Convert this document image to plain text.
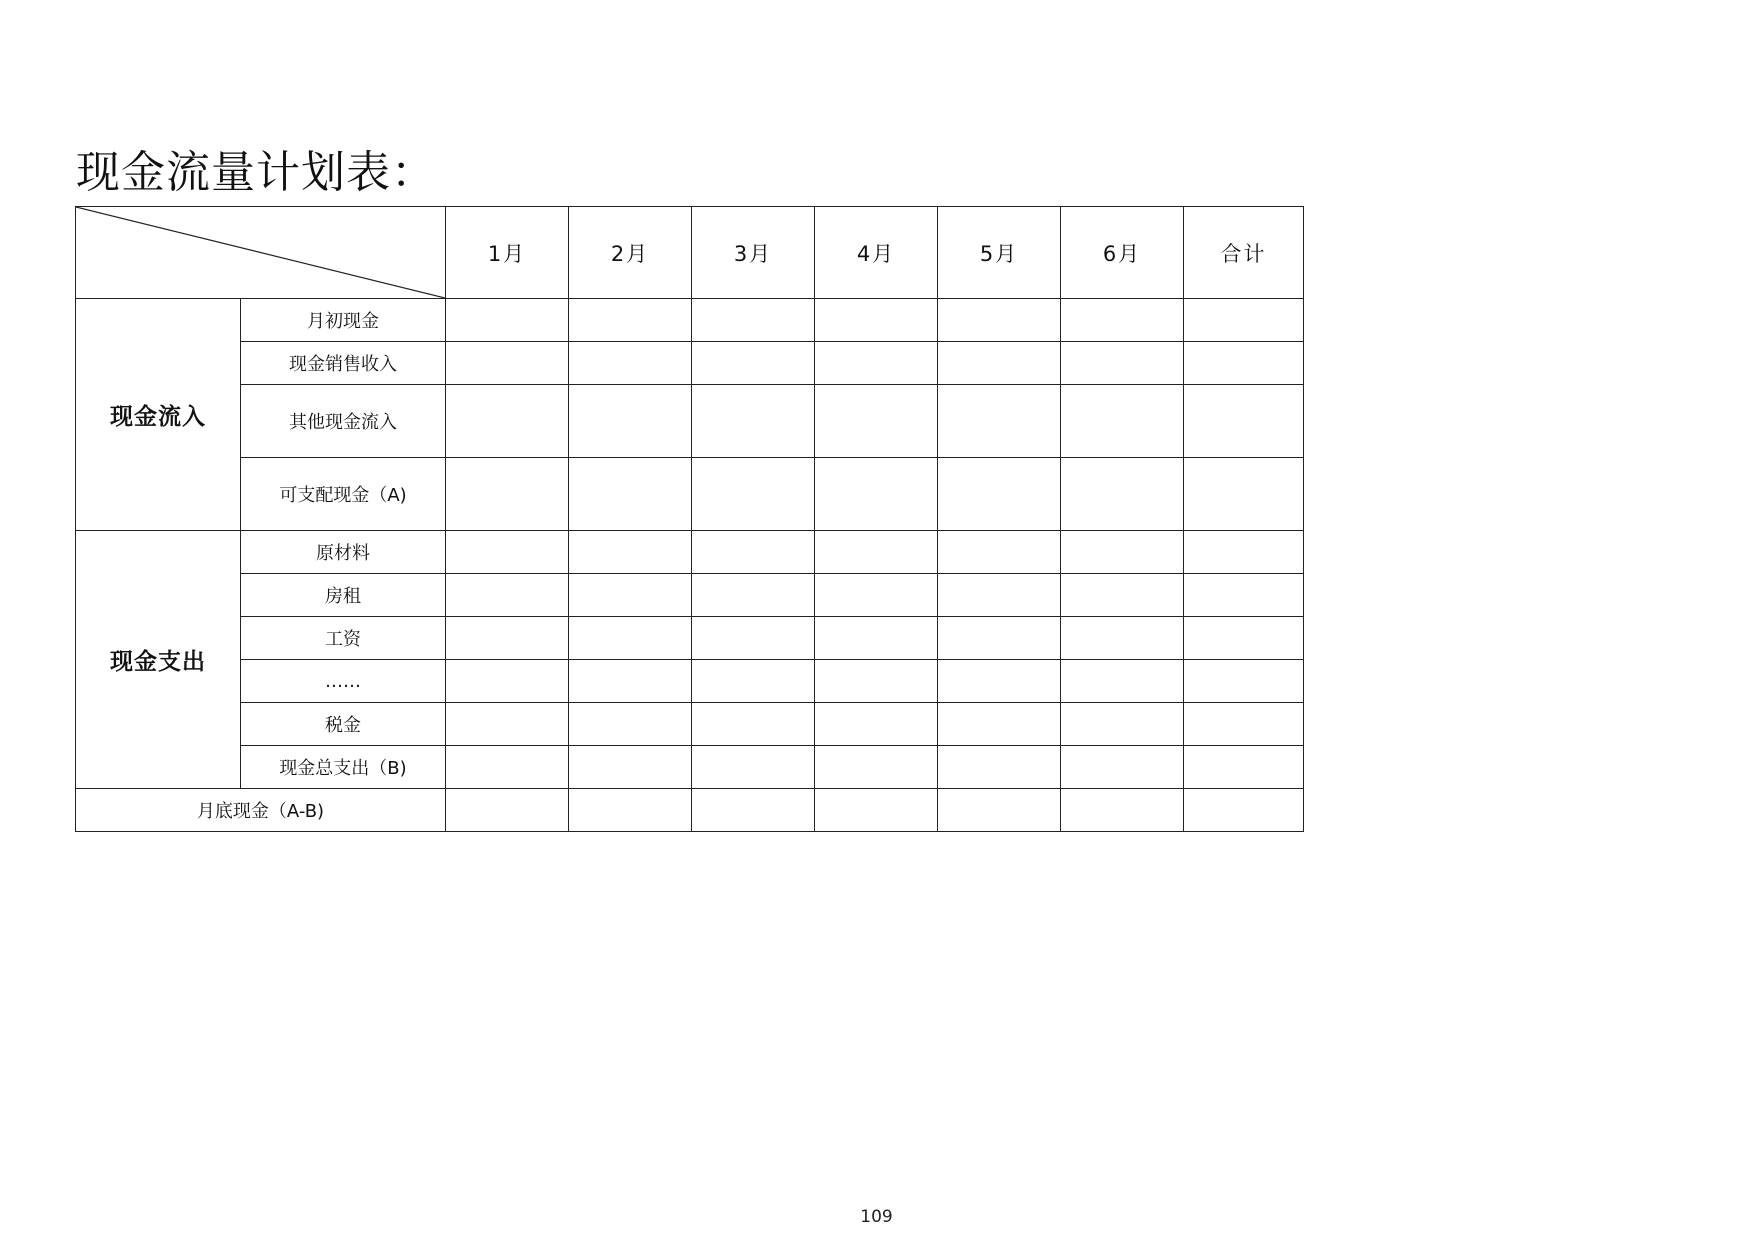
现金流量计划表：
	1月	2月	3月	4月	5月	6月	合计
现金流入	月初现金							
	现金销售收入							
	其他现金流入							
	可支配现金（A)							
现金支出	原材料							
	房租							
	工资							
	……							
	税金							
	现金总支出（B)							
月底现金（A-B)								
109
